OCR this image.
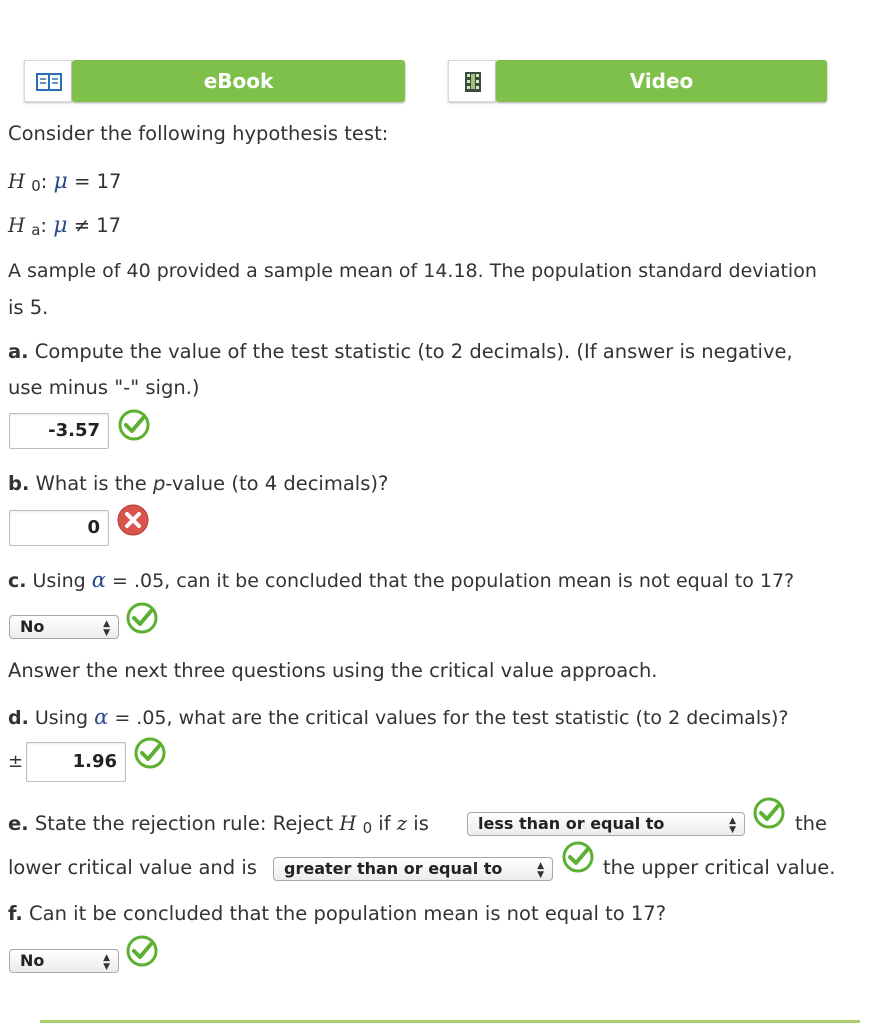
eBook	Video
Consider the following hypothesis test:
H 0: μ = 17
H a: μ ≠ 17
A sample of 40 provided a sample mean of 14.18. The population standard deviation
is 5.
a. Compute the value of the test statistic (to 2 decimals). (If answer is negative,
use minus "-" sign.)
-3.57
b. What is the p-value (to 4 decimals)?
0
c. Using α = .05, can it be concluded that the population mean is not equal to 17?
No	▲
▼
Answer the next three questions using the critical value approach.
d. Using α = .05, what are the critical values for the test statistic (to 2 decimals)?
±	1.96
e. State the rejection rule: Reject H 0 if z is	less than or equal to	▲
▼	the
lower critical value and is	greater than or equal to	▲
▼	the upper critical value.
f. Can it be concluded that the population mean is not equal to 17?
No	▲
▼
